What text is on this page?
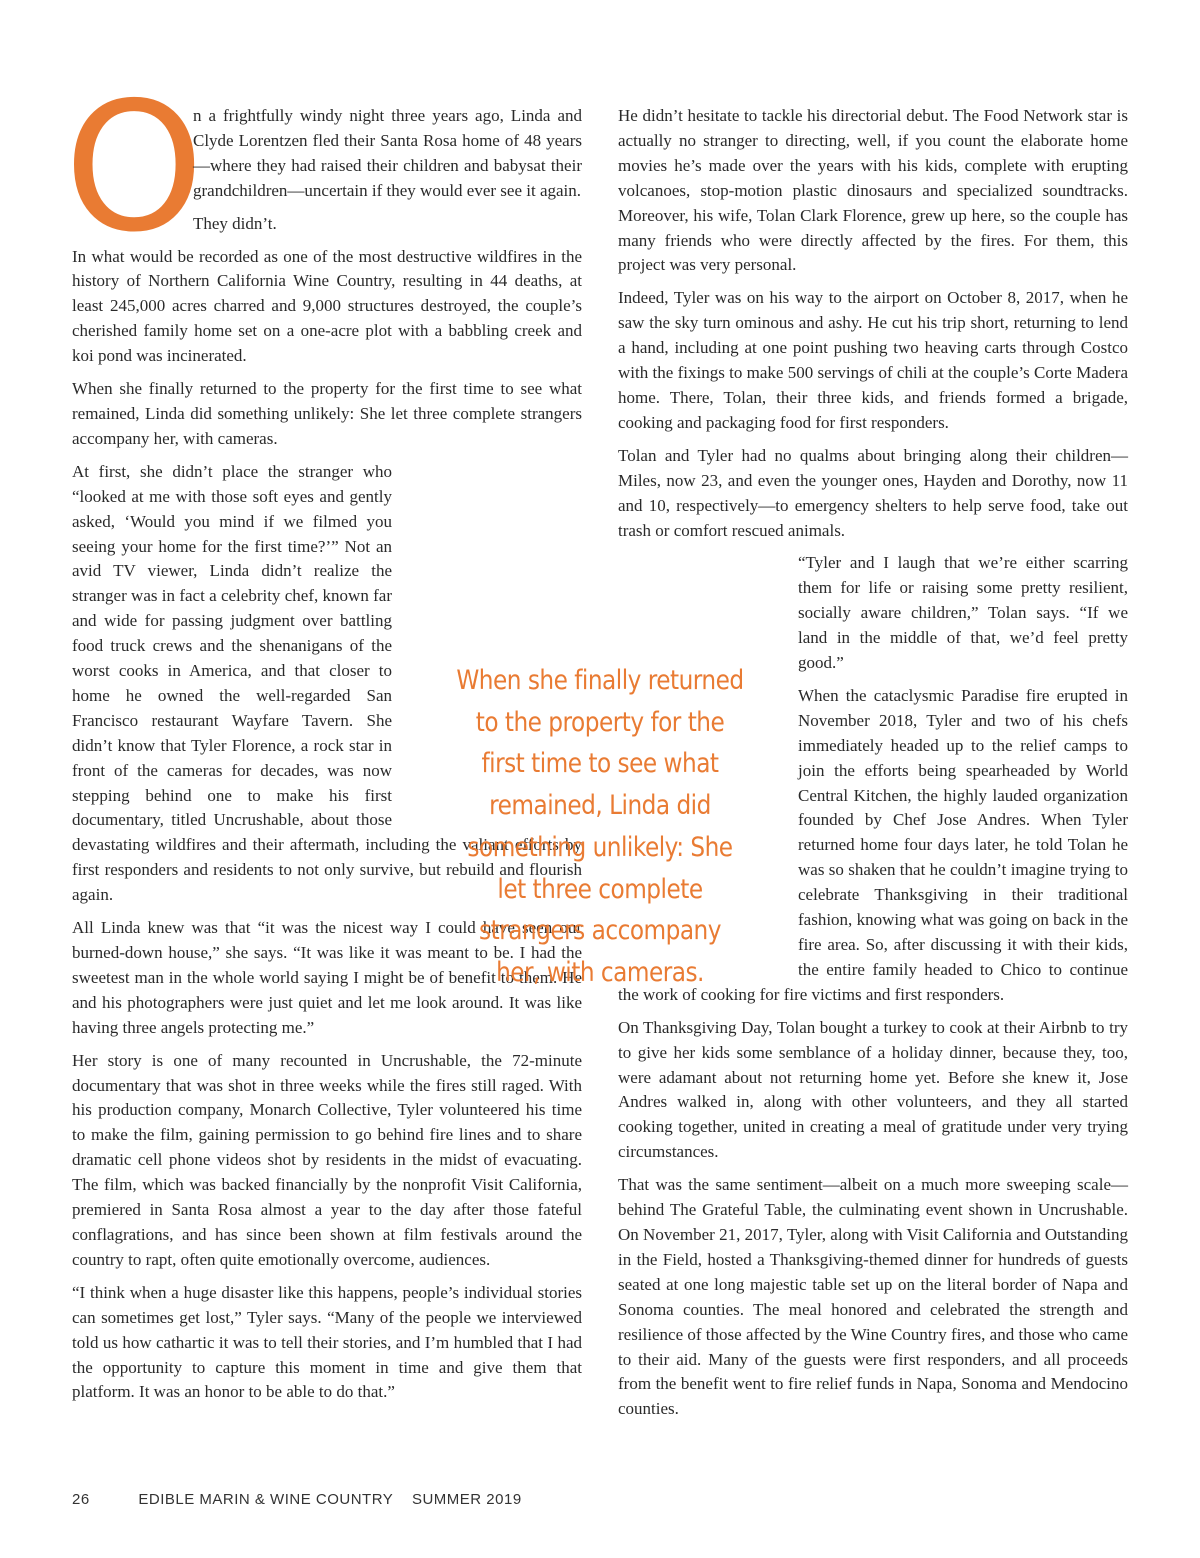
O

n a frightfully windy night three years ago, Linda and Clyde Lorentzen fled their Santa Rosa home of 48 years—where they had raised their children and babysat their grandchildren—uncertain if they would ever see it again.

They didn’t.

In what would be recorded as one of the most destructive wildfires in the history of Northern California Wine Country, resulting in 44 deaths, at least 245,000 acres charred and 9,000 structures destroyed, the couple’s cherished family home set on a one-acre plot with a babbling creek and koi pond was incinerated.

When she finally returned to the property for the first time to see what remained, Linda did something unlikely: She let three complete strangers accompany her, with cameras.

At first, she didn’t place the stranger who “looked at me with those soft eyes and gently asked, ‘Would you mind if we filmed you seeing your home for the first time?’” Not an avid TV viewer, Linda didn’t realize the stranger was in fact a celebrity chef, known far and wide for passing judgment over battling food truck crews and the shenanigans of the worst cooks in America, and that closer to home he owned the well-regarded San Francisco restaurant Wayfare Tavern. She didn’t know that Tyler Florence, a rock star in front of the cameras for decades, was now stepping behind one to make his first documentary, titled Uncrushable, about those devastating wildfires and their aftermath, including the valiant efforts by first responders and residents to not only survive, but rebuild and flourish again.

All Linda knew was that “it was the nicest way I could have seen our burned-down house,” she says. “It was like it was meant to be. I had the sweetest man in the whole world saying I might be of benefit to them. He and his photographers were just quiet and let me look around. It was like having three angels protecting me.”

Her story is one of many recounted in Uncrushable, the 72-minute documentary that was shot in three weeks while the fires still raged. With his production company, Monarch Collective, Tyler volunteered his time to make the film, gaining permission to go behind fire lines and to share dramatic cell phone videos shot by residents in the midst of evacuating. The film, which was backed financially by the nonprofit Visit California, premiered in Santa Rosa almost a year to the day after those fateful conflagrations, and has since been shown at film festivals around the country to rapt, often quite emotionally overcome, audiences.

“I think when a huge disaster like this happens, people’s individual stories can sometimes get lost,” Tyler says. “Many of the people we interviewed told us how cathartic it was to tell their stories, and I’m humbled that I had the opportunity to capture this moment in time and give them that platform. It was an honor to be able to do that.”

He didn’t hesitate to tackle his directorial debut. The Food Network star is actually no stranger to directing, well, if you count the elaborate home movies he’s made over the years with his kids, complete with erupting volcanoes, stop-motion plastic dinosaurs and specialized soundtracks. Moreover, his wife, Tolan Clark Florence, grew up here, so the couple has many friends who were directly affected by the fires. For them, this project was very personal.

Indeed, Tyler was on his way to the airport on October 8, 2017, when he saw the sky turn ominous and ashy. He cut his trip short, returning to lend a hand, including at one point pushing two heaving carts through Costco with the fixings to make 500 servings of chili at the couple’s Corte Madera home. There, Tolan, their three kids, and friends formed a brigade, cooking and packaging food for first responders.

Tolan and Tyler had no qualms about bringing along their children—Miles, now 23, and even the younger ones, Hayden and Dorothy, now 11 and 10, respectively—to emergency shelters to help serve food, take out trash or comfort rescued animals.

“Tyler and I laugh that we’re either scarring them for life or raising some pretty resilient, socially aware children,” Tolan says. “If we land in the middle of that, we’d feel pretty good.”

When the cataclysmic Paradise fire erupted in November 2018, Tyler and two of his chefs immediately headed up to the relief camps to join the efforts being spearheaded by World Central Kitchen, the highly lauded organization founded by Chef Jose Andres. When Tyler returned home four days later, he told Tolan he was so shaken that he couldn’t imagine trying to celebrate Thanksgiving in their traditional fashion, knowing what was going on back in the fire area. So, after discussing it with their kids, the entire family headed to Chico to continue the work of cooking for fire victims and first responders.

On Thanksgiving Day, Tolan bought a turkey to cook at their Airbnb to try to give her kids some semblance of a holiday dinner, because they, too, were adamant about not returning home yet. Before she knew it, Jose Andres walked in, along with other volunteers, and they all started cooking together, united in creating a meal of gratitude under very trying circumstances.

That was the same sentiment—albeit on a much more sweeping scale—behind The Grateful Table, the culminating event shown in Uncrushable. On November 21, 2017, Tyler, along with Visit California and Outstanding in the Field, hosted a Thanksgiving-themed dinner for hundreds of guests seated at one long majestic table set up on the literal border of Napa and Sonoma counties. The meal honored and celebrated the strength and resilience of those affected by the Wine Country fires, and those who came to their aid. Many of the guests were first responders, and all proceeds from the benefit went to fire relief funds in Napa, Sonoma and Mendocino counties.

When she finally returned to the property for the first time to see what remained, Linda did something unlikely: She let three complete strangers accompany her, with cameras.

26	EDIBLE MARIN & WINE COUNTRY SUMMER 2019
